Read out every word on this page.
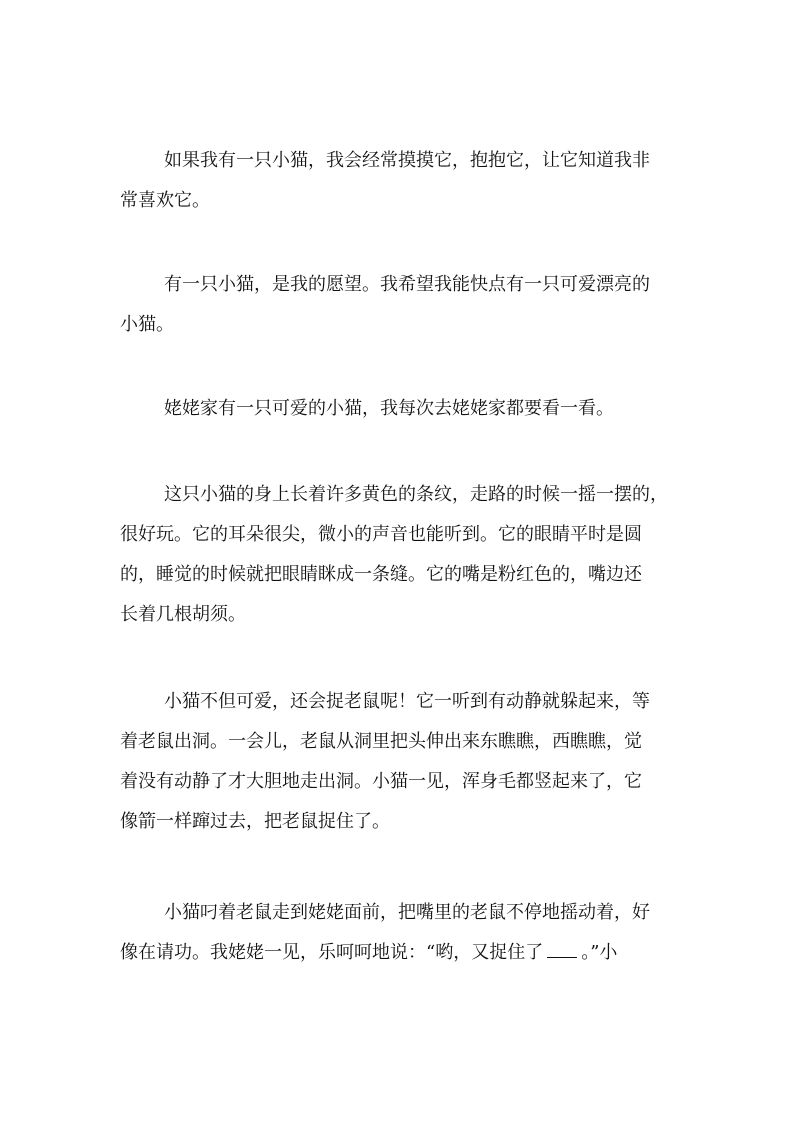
如果我有一只小猫，我会经常摸摸它，抱抱它，让它知道我非
常喜欢它。
有一只小猫，是我的愿望。我希望我能快点有一只可爱漂亮的
小猫。
姥姥家有一只可爱的小猫，我每次去姥姥家都要看一看。
这只小猫的身上长着许多黄色的条纹，走路的时候一摇一摆的，
很好玩。它的耳朵很尖，微小的声音也能听到。它的眼睛平时是圆
的，睡觉的时候就把眼睛眯成一条缝。它的嘴是粉红色的，嘴边还
长着几根胡须。
小猫不但可爱，还会捉老鼠呢！它一听到有动静就躲起来，等
着老鼠出洞。一会儿，老鼠从洞里把头伸出来东瞧瞧，西瞧瞧，觉
着没有动静了才大胆地走出洞。小猫一见，浑身毛都竖起来了，它
像箭一样蹿过去，把老鼠捉住了。
小猫叼着老鼠走到姥姥面前，把嘴里的老鼠不停地摇动着，好
像在请功。我姥姥一见，乐呵呵地说：“哟，又捉住了 。”小
